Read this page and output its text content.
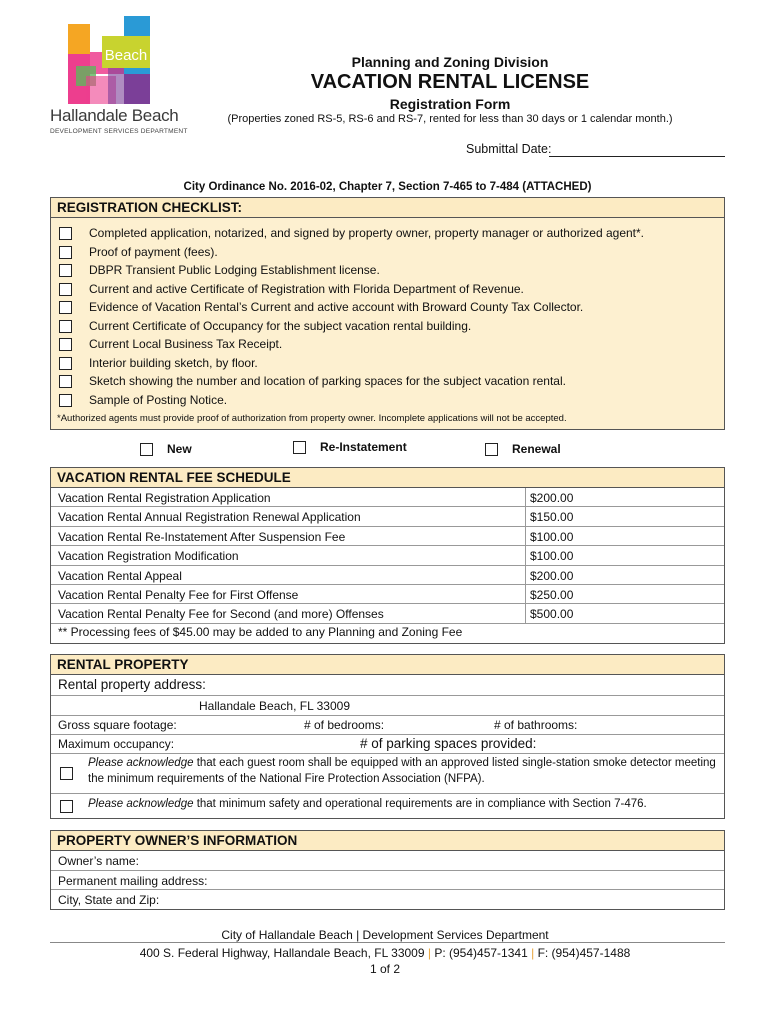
Beach
Hallandale Beach
DEVELOPMENT SERVICES DEPARTMENT
Planning and Zoning Division
VACATION RENTAL LICENSE
Registration Form
(Properties zoned RS-5, RS-6 and RS-7, rented for less than 30 days or 1 calendar month.)
Submittal Date:
City Ordinance No. 2016-02, Chapter 7, Section 7-465 to 7-484 (ATTACHED)
REGISTRATION CHECKLIST:
Completed application, notarized, and signed by property owner, property manager or authorized agent*.
Proof of payment (fees).
DBPR Transient Public Lodging Establishment license.
Current and active Certificate of Registration with Florida Department of Revenue.
Evidence of Vacation Rental’s Current and active account with Broward County Tax Collector.
Current Certificate of Occupancy for the subject vacation rental building.
Current Local Business Tax Receipt.
Interior building sketch, by floor.
Sketch showing the number and location of parking spaces for the subject vacation rental.
Sample of Posting Notice.
*Authorized agents must provide proof of authorization from property owner. Incomplete applications will not be accepted.
New	Re-Instatement	Renewal
VACATION RENTAL FEE SCHEDULE
Vacation Rental Registration Application	$200.00
Vacation Rental Annual Registration Renewal Application	$150.00
Vacation Rental Re-Instatement After Suspension Fee	$100.00
Vacation Registration Modification	$100.00
Vacation Rental Appeal	$200.00
Vacation Rental Penalty Fee for First Offense	$250.00
Vacation Rental Penalty Fee for Second (and more) Offenses	$500.00
** Processing fees of $45.00 may be added to any Planning and Zoning Fee
RENTAL PROPERTY
Rental property address:
Hallandale Beach, FL 33009
Gross square footage:	# of bedrooms:	# of bathrooms:
Maximum occupancy:	# of parking spaces provided:
Please acknowledge that each guest room shall be equipped with an approved listed single-station smoke detector meeting
the minimum requirements of the National Fire Protection Association (NFPA).
Please acknowledge that minimum safety and operational requirements are in compliance with Section 7-476.
PROPERTY OWNER’S INFORMATION
Owner’s name:
Permanent mailing address:
City, State and Zip:
City of Hallandale Beach | Development Services Department
400 S. Federal Highway, Hallandale Beach, FL 33009 | P: (954)457-1341 | F: (954)457-1488
1 of 2
